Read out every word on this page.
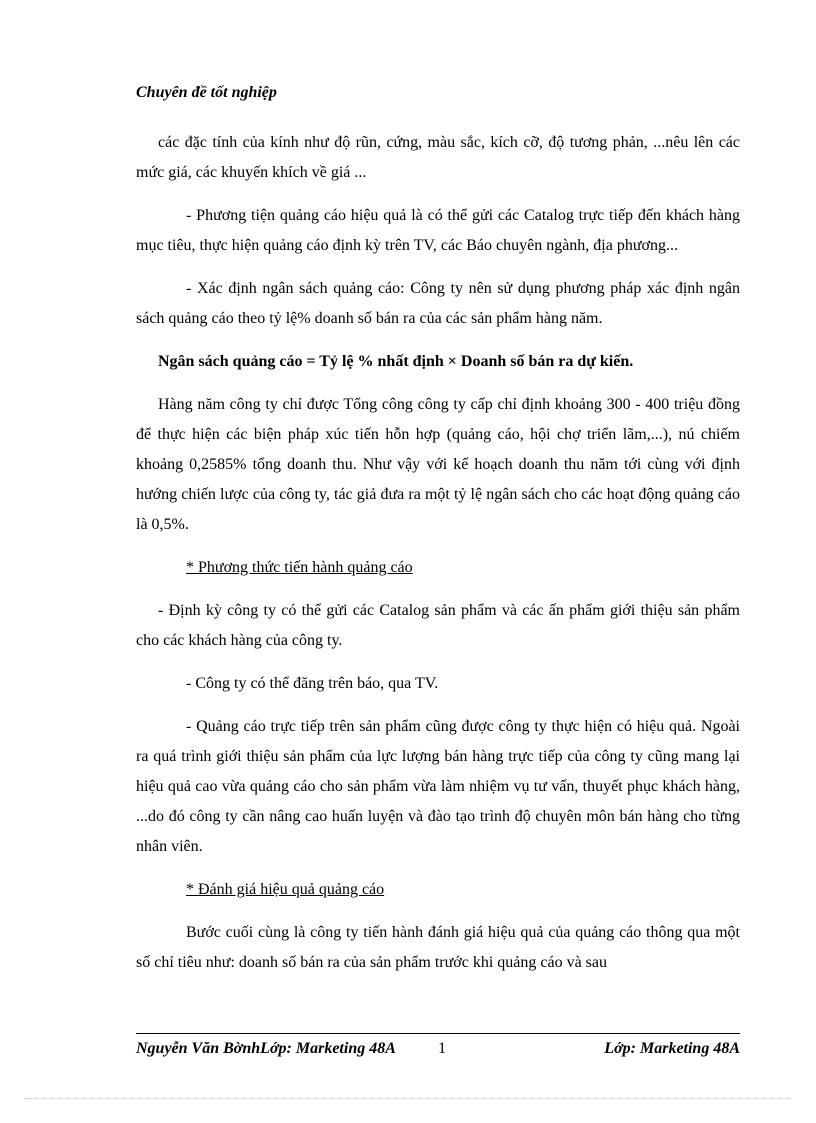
Chuyên đề tốt nghiệp

các đặc tính của kính như độ rũn, cứng, màu sắc, kích cỡ, độ tương phản, ...nêu lên các mức giá, các khuyến khích về giá ...

- Phương tiện quảng cáo hiệu quả là có thể gửi các Catalog trực tiếp đến khách hàng mục tiêu, thực hiện quảng cáo định kỳ trên TV, các Báo chuyên ngành, địa phương...

- Xác định ngân sách quảng cáo: Công ty nên sử dụng phương pháp xác định ngân sách quảng cáo theo tỷ lệ% doanh số bán ra của các sản phẩm hàng năm.

Ngân sách quảng cáo = Tỷ lệ % nhất định × Doanh số bán ra dự kiến.

Hàng năm công ty chỉ được Tổng công công ty cấp chỉ định khoảng 300 - 400 triệu đồng để thực hiện các biện pháp xúc tiến hỗn hợp (quảng cáo, hội chợ triển lãm,...), nú chiếm khoảng 0,2585% tổng doanh thu. Như vậy với kế hoạch doanh thu năm tới cùng với định hướng chiến lược của công ty, tác giả đưa ra một tỷ lệ ngân sách cho các hoạt động quảng cáo là 0,5%.

* Phương thức tiến hành quảng cáo

- Định kỳ công ty có thể gửi các Catalog sản phẩm và các ấn phẩm giới thiệu sản phẩm cho các khách hàng của công ty.

- Công ty có thể đăng trên báo, qua TV.

- Quảng cáo trực tiếp trên sản phẩm cũng được công ty thực hiện có hiệu quả. Ngoài ra quá trình giới thiệu sản phẩm của lực lượng bán hàng trực tiếp của công ty cũng mang lại hiệu quả cao vừa quảng cáo cho sản phẩm vừa làm nhiệm vụ tư vấn, thuyết phục khách hàng, ...do đó công ty cần nâng cao huấn luyện và đào tạo trình độ chuyên môn bán hàng cho từng nhân viên.

* Đánh giá hiệu quả quảng cáo

Bước cuối cùng là công ty tiến hành đánh giá hiệu quả của quảng cáo thông qua một số chỉ tiêu như: doanh số bán ra của sản phẩm trước khi quảng cáo và sau

Nguyễn Văn BờnhLớp: Marketing 48A	1	Lớp: Marketing 48A
